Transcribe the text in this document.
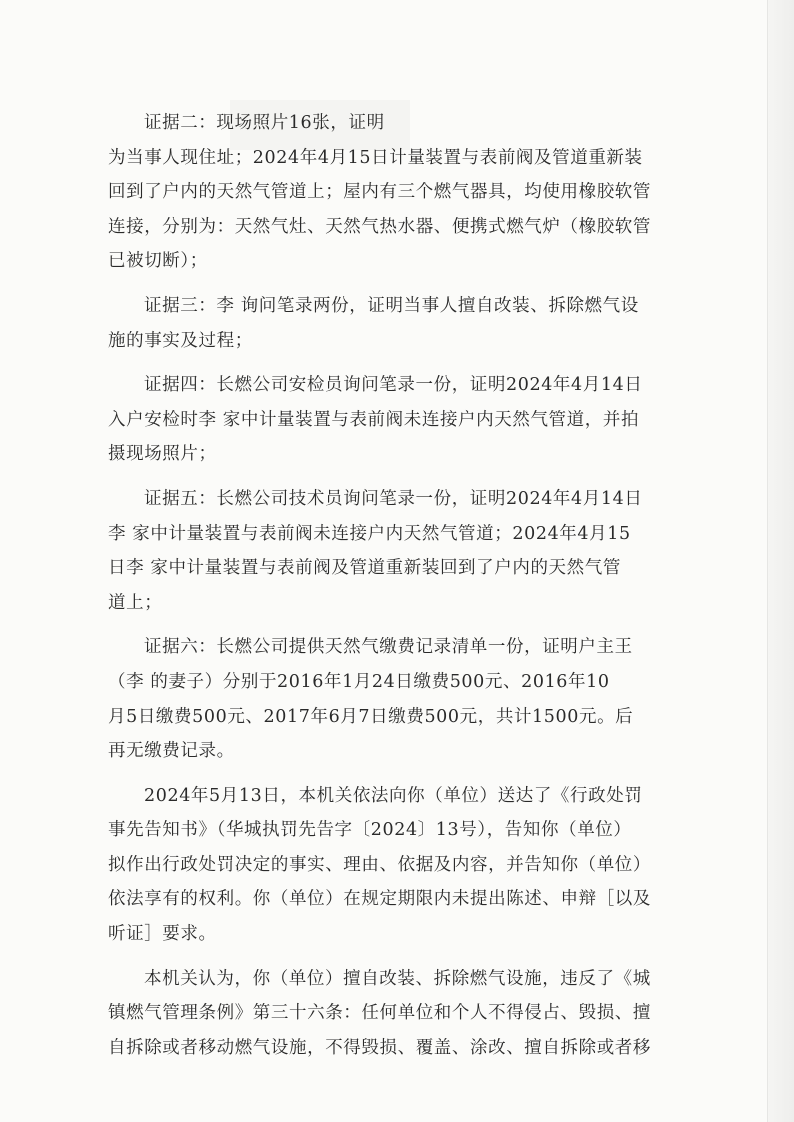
证据二：现场照片16张，证明
为当事人现住址；2024年4月15日计量装置与表前阀及管道重新装
回到了户内的天然气管道上；屋内有三个燃气器具，均使用橡胶软管
连接，分别为：天然气灶、天然气热水器、便携式燃气炉（橡胶软管
已被切断）；
证据三：李 询问笔录两份，证明当事人擅自改装、拆除燃气设
施的事实及过程；
证据四：长燃公司安检员询问笔录一份，证明2024年4月14日
入户安检时李 家中计量装置与表前阀未连接户内天然气管道，并拍
摄现场照片；
证据五：长燃公司技术员询问笔录一份，证明2024年4月14日
李 家中计量装置与表前阀未连接户内天然气管道；2024年4月15
日李 家中计量装置与表前阀及管道重新装回到了户内的天然气管
道上；
证据六：长燃公司提供天然气缴费记录清单一份，证明户主王
（李 的妻子）分别于2016年1月24日缴费500元、2016年10
月5日缴费500元、2017年6月7日缴费500元，共计1500元。后
再无缴费记录。
2024年5月13日，本机关依法向你（单位）送达了《行政处罚
事先告知书》（华城执罚先告字〔2024〕13号），告知你（单位）
拟作出行政处罚决定的事实、理由、依据及内容，并告知你（单位）
依法享有的权利。你（单位）在规定期限内未提出陈述、申辩［以及
听证］要求。
本机关认为，你（单位）擅自改装、拆除燃气设施，违反了《城
镇燃气管理条例》第三十六条：任何单位和个人不得侵占、毁损、擅
自拆除或者移动燃气设施，不得毁损、覆盖、涂改、擅自拆除或者移
